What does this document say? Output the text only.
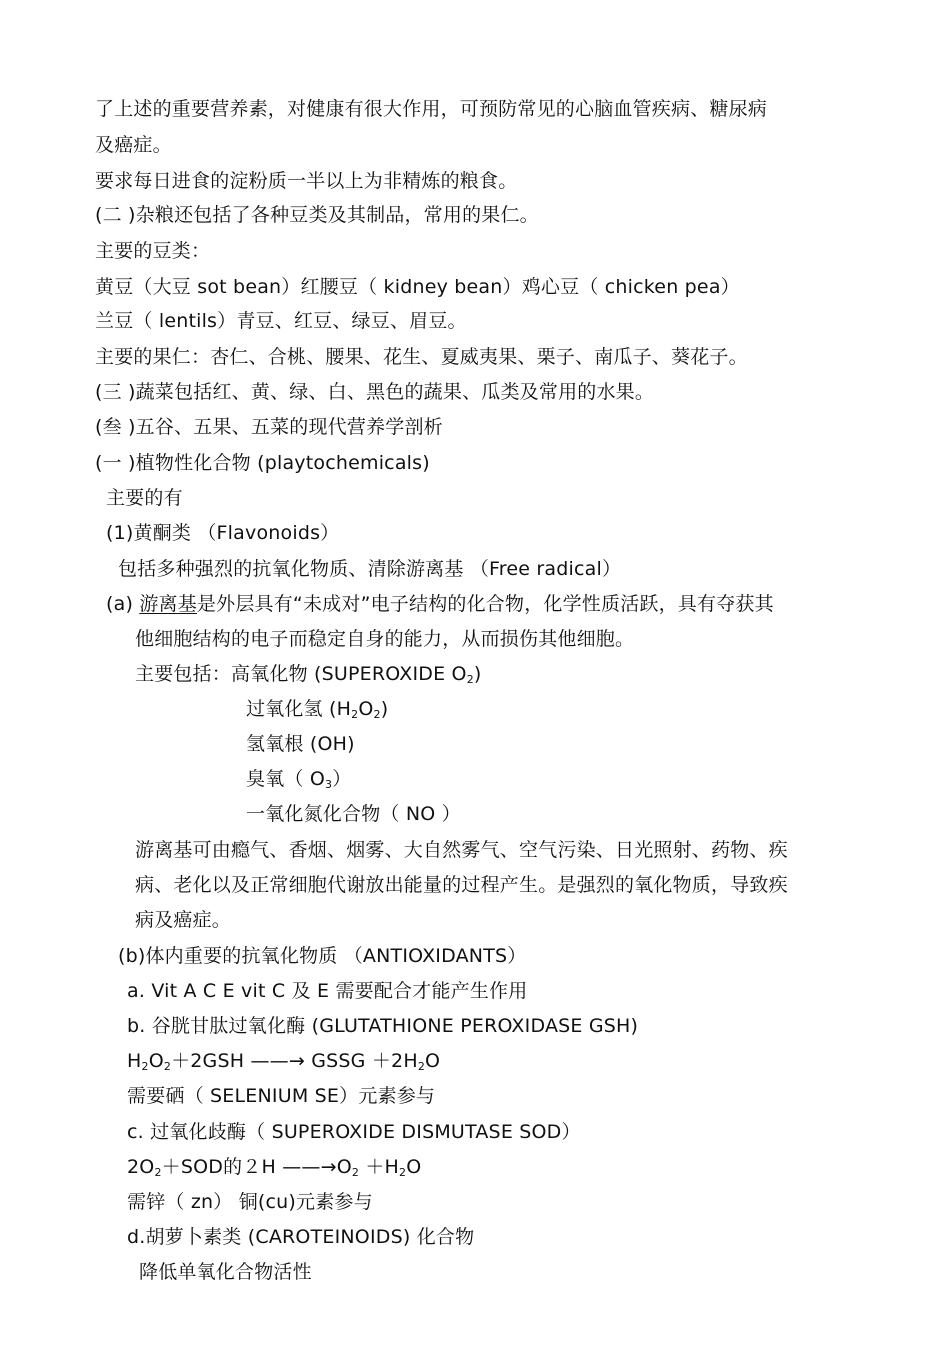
了上述的重要营养素，对健康有很大作用，可预防常见的心脑血管疾病、糖尿病
及癌症。
要求每日进食的淀粉质一半以上为非精炼的粮食。
(二 )杂粮还包括了各种豆类及其制品，常用的果仁。
主要的豆类：
黄豆（大豆 sot bean）红腰豆（ kidney bean）鸡心豆（ chicken pea）
兰豆（ lentils）青豆、红豆、绿豆、眉豆。
主要的果仁：杏仁、合桃、腰果、花生、夏威夷果、栗子、南瓜子、葵花子。
(三 )蔬菜包括红、黄、绿、白、黑色的蔬果、瓜类及常用的水果。
(叁 )五谷、五果、五菜的现代营养学剖析
(一 )植物性化合物 (playtochemicals)
主要的有
(1)黄酮类 （Flavonoids）
包括多种强烈的抗氧化物质、清除游离基 （Free radical）
(a) 游离基是外层具有“未成对”电子结构的化合物，化学性质活跃，具有夺获其
他细胞结构的电子而稳定自身的能力，从而损伤其他细胞。
主要包括：高氧化物 (SUPEROXIDE $O_2$)
过氧化氢 $(H_2O_2)$
氢氧根 (OH)
臭氧（ $O_3$）
一氧化氮化合物（ NO ）
游离基可由瘾气、香烟、烟雾、大自然雾气、空气污染、日光照射、药物、疾
病、老化以及正常细胞代谢放出能量的过程产生。是强烈的氧化物质，导致疾
病及癌症。
(b)体内重要的抗氧化物质 （ANTIOXIDANTS）
a. Vit A C E vit C 及 E 需要配合才能产生作用
b. 谷胱甘肽过氧化酶 (GLUTATHIONE PEROXIDASE GSH)
$H_2O_2+2GSH$ ——→ GSSG $+2H_2O$
需要硒（ SELENIUM SE）元素参与
c. 过氧化歧酶（ SUPEROXIDE DISMUTASE SOD）
$2O_2+SOD$的２H $——\to O_2 +H_2O$
需锌（ zn） 铜(cu)元素参与
d.胡萝卜素类 (CAROTEINOIDS) 化合物
降低单氧化合物活性
